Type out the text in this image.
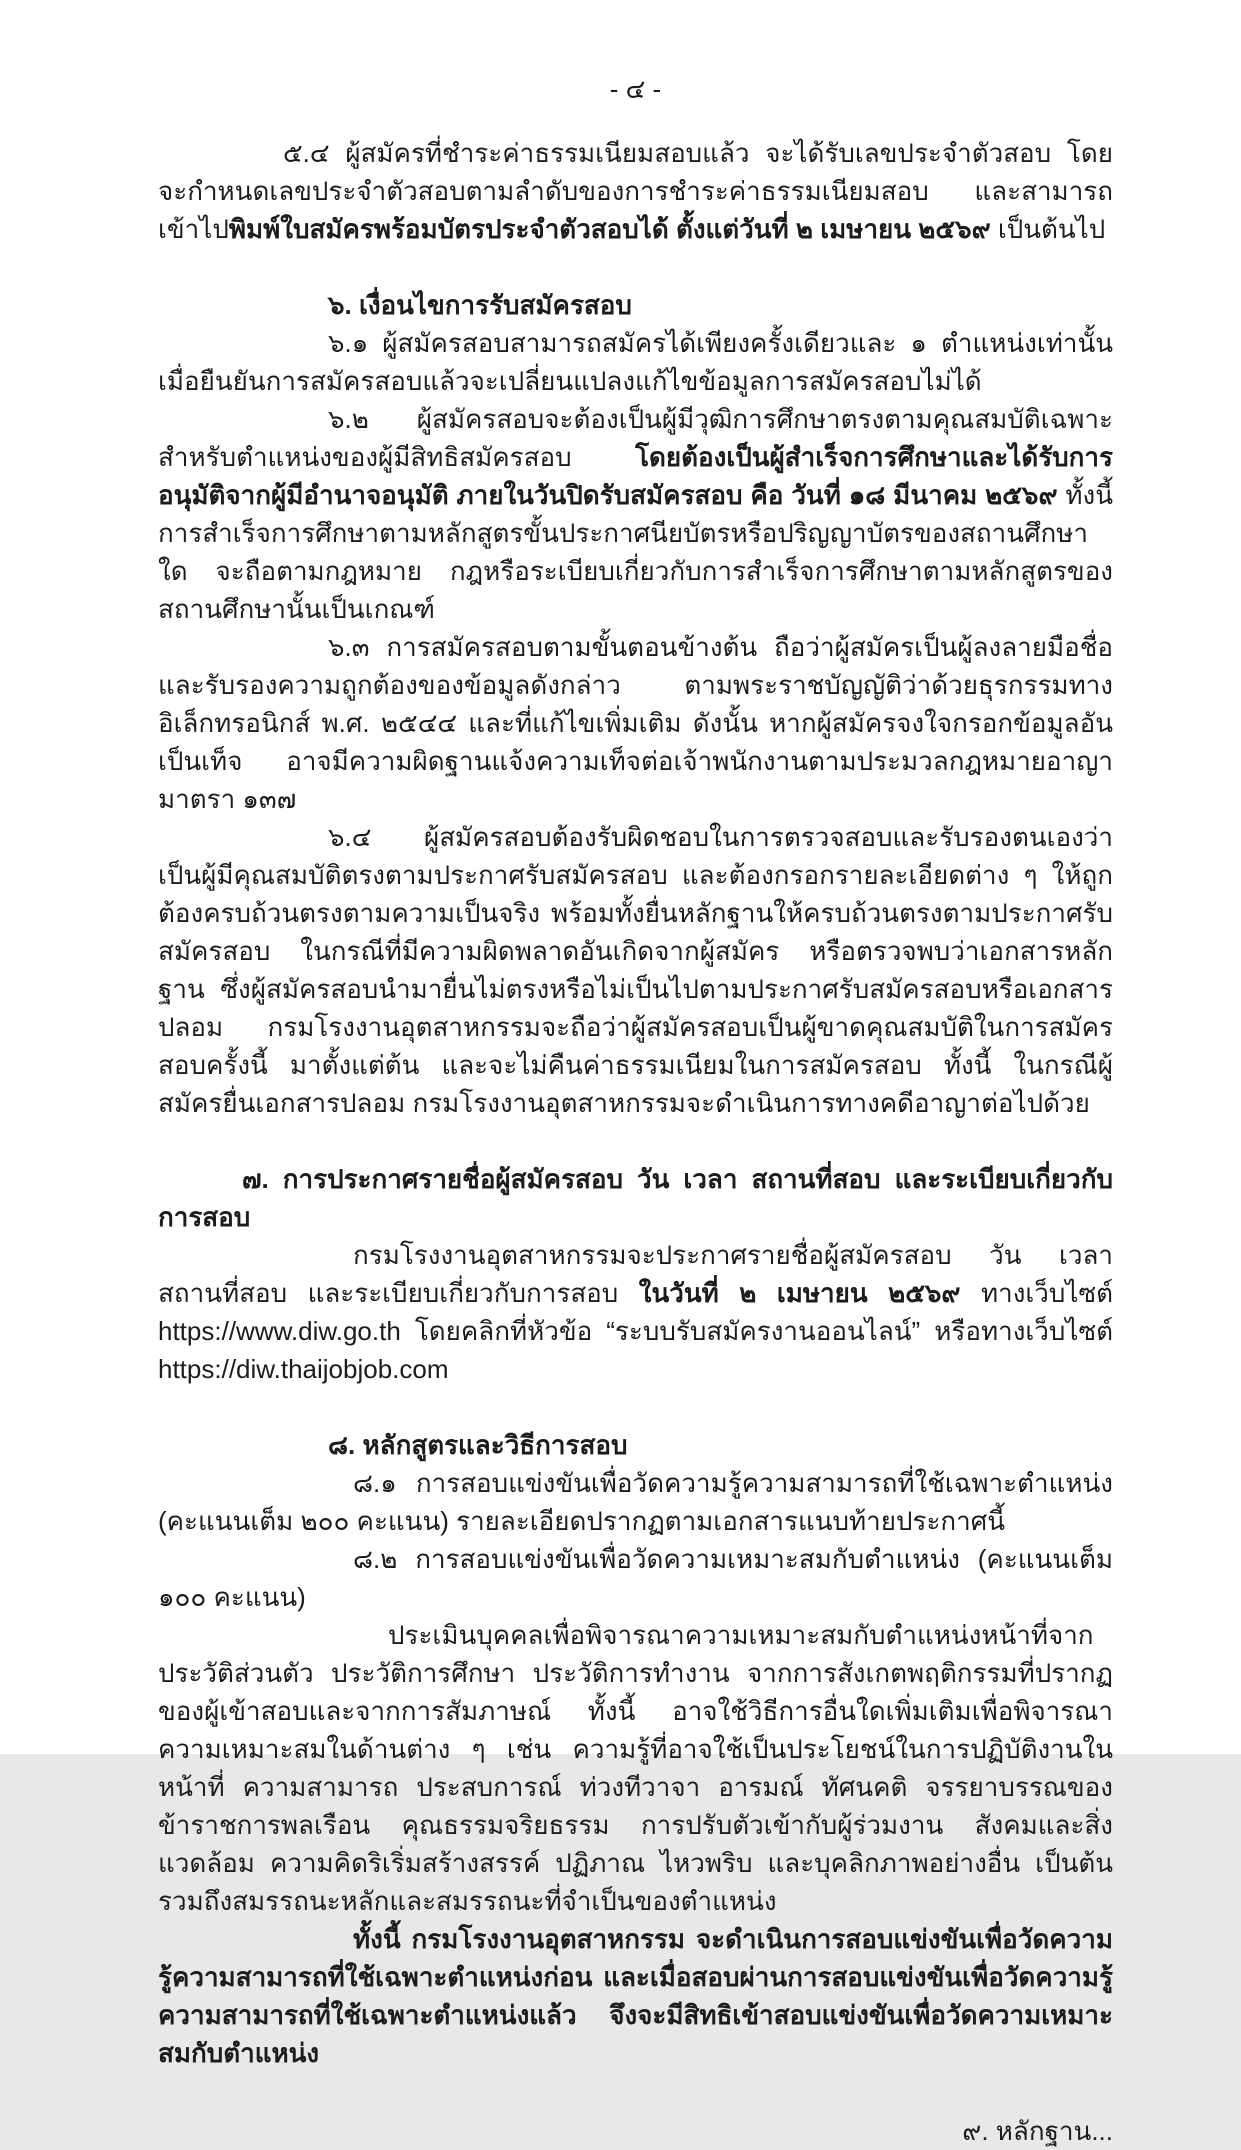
- ๔ -

๕.๔ ผู้สมัครที่ชำระค่าธรรมเนียมสอบแล้ว จะได้รับเลขประจำตัวสอบ โดยจะกำหนดเลขประจำตัวสอบตามลำดับของการชำระค่าธรรมเนียมสอบ และสามารถเข้าไปพิมพ์ใบสมัครพร้อมบัตรประจำตัวสอบได้ ตั้งแต่วันที่ ๒ เมษายน ๒๕๖๙ เป็นต้นไป

๖. เงื่อนไขการรับสมัครสอบ

๖.๑ ผู้สมัครสอบสามารถสมัครได้เพียงครั้งเดียวและ ๑ ตำแหน่งเท่านั้น เมื่อยืนยันการสมัครสอบแล้วจะเปลี่ยนแปลงแก้ไขข้อมูลการสมัครสอบไม่ได้

๖.๒ ผู้สมัครสอบจะต้องเป็นผู้มีวุฒิการศึกษาตรงตามคุณสมบัติเฉพาะสำหรับตำแหน่งของผู้มีสิทธิสมัครสอบ โดยต้องเป็นผู้สำเร็จการศึกษาและได้รับการอนุมัติจากผู้มีอำนาจอนุมัติ ภายในวันปิดรับสมัครสอบ คือ วันที่ ๑๘ มีนาคม ๒๕๖๙ ทั้งนี้ การสำเร็จการศึกษาตามหลักสูตรขั้นประกาศนียบัตรหรือปริญญาบัตรของสถานศึกษาใด จะถือตามกฎหมาย กฎหรือระเบียบเกี่ยวกับการสำเร็จการศึกษาตามหลักสูตรของสถานศึกษานั้นเป็นเกณฑ์

๖.๓ การสมัครสอบตามขั้นตอนข้างต้น ถือว่าผู้สมัครเป็นผู้ลงลายมือชื่อ และรับรองความถูกต้องของข้อมูลดังกล่าว ตามพระราชบัญญัติว่าด้วยธุรกรรมทางอิเล็กทรอนิกส์ พ.ศ. ๒๕๔๔ และที่แก้ไขเพิ่มเติม ดังนั้น หากผู้สมัครจงใจกรอกข้อมูลอันเป็นเท็จ อาจมีความผิดฐานแจ้งความเท็จต่อเจ้าพนักงานตามประมวลกฎหมายอาญา มาตรา ๑๓๗

๖.๔ ผู้สมัครสอบต้องรับผิดชอบในการตรวจสอบและรับรองตนเองว่า เป็นผู้มีคุณสมบัติตรงตามประกาศรับสมัครสอบ และต้องกรอกรายละเอียดต่าง ๆ ให้ถูกต้องครบถ้วนตรงตามความเป็นจริง พร้อมทั้งยื่นหลักฐานให้ครบถ้วนตรงตามประกาศรับสมัครสอบ ในกรณีที่มีความผิดพลาดอันเกิดจากผู้สมัคร หรือตรวจพบว่าเอกสารหลักฐาน ซึ่งผู้สมัครสอบนำมายื่นไม่ตรงหรือไม่เป็นไปตามประกาศรับสมัครสอบหรือเอกสารปลอม กรมโรงงานอุตสาหกรรมจะถือว่าผู้สมัครสอบเป็นผู้ขาดคุณสมบัติในการสมัครสอบครั้งนี้ มาตั้งแต่ต้น และจะไม่คืนค่าธรรมเนียมในการสมัครสอบ ทั้งนี้ ในกรณีผู้สมัครยื่นเอกสารปลอม กรมโรงงานอุตสาหกรรมจะดำเนินการทางคดีอาญาต่อไปด้วย

๗. การประกาศรายชื่อผู้สมัครสอบ วัน เวลา สถานที่สอบ และระเบียบเกี่ยวกับการสอบ

กรมโรงงานอุตสาหกรรมจะประกาศรายชื่อผู้สมัครสอบ วัน เวลา สถานที่สอบ และระเบียบเกี่ยวกับการสอบ ในวันที่ ๒ เมษายน ๒๕๖๙ ทางเว็บไซต์ https://www.diw.go.th โดยคลิกที่หัวข้อ “ระบบรับสมัครงานออนไลน์” หรือทางเว็บไซต์ https://diw.thaijobjob.com

๘. หลักสูตรและวิธีการสอบ

๘.๑ การสอบแข่งขันเพื่อวัดความรู้ความสามารถที่ใช้เฉพาะตำแหน่ง (คะแนนเต็ม ๒๐๐ คะแนน) รายละเอียดปรากฏตามเอกสารแนบท้ายประกาศนี้

๘.๒ การสอบแข่งขันเพื่อวัดความเหมาะสมกับตำแหน่ง (คะแนนเต็ม ๑๐๐ คะแนน)

ประเมินบุคคลเพื่อพิจารณาความเหมาะสมกับตำแหน่งหน้าที่จากประวัติส่วนตัว ประวัติการศึกษา ประวัติการทำงาน จากการสังเกตพฤติกรรมที่ปรากฏของผู้เข้าสอบและจากการสัมภาษณ์ ทั้งนี้ อาจใช้วิธีการอื่นใดเพิ่มเติมเพื่อพิจารณาความเหมาะสมในด้านต่าง ๆ เช่น ความรู้ที่อาจใช้เป็นประโยชน์ในการปฏิบัติงานในหน้าที่ ความสามารถ ประสบการณ์ ท่วงทีวาจา อารมณ์ ทัศนคติ จรรยาบรรณของข้าราชการพลเรือน คุณธรรมจริยธรรม การปรับตัวเข้ากับผู้ร่วมงาน สังคมและสิ่งแวดล้อม ความคิดริเริ่มสร้างสรรค์ ปฏิภาณ ไหวพริบ และบุคลิกภาพอย่างอื่น เป็นต้น รวมถึงสมรรถนะหลักและสมรรถนะที่จำเป็นของตำแหน่ง

ทั้งนี้ กรมโรงงานอุตสาหกรรม จะดำเนินการสอบแข่งขันเพื่อวัดความรู้ความสามารถที่ใช้เฉพาะตำแหน่งก่อน และเมื่อสอบผ่านการสอบแข่งขันเพื่อวัดความรู้ความสามารถที่ใช้เฉพาะตำแหน่งแล้ว จึงจะมีสิทธิเข้าสอบแข่งขันเพื่อวัดความเหมาะสมกับตำแหน่ง

๙. หลักฐาน...
